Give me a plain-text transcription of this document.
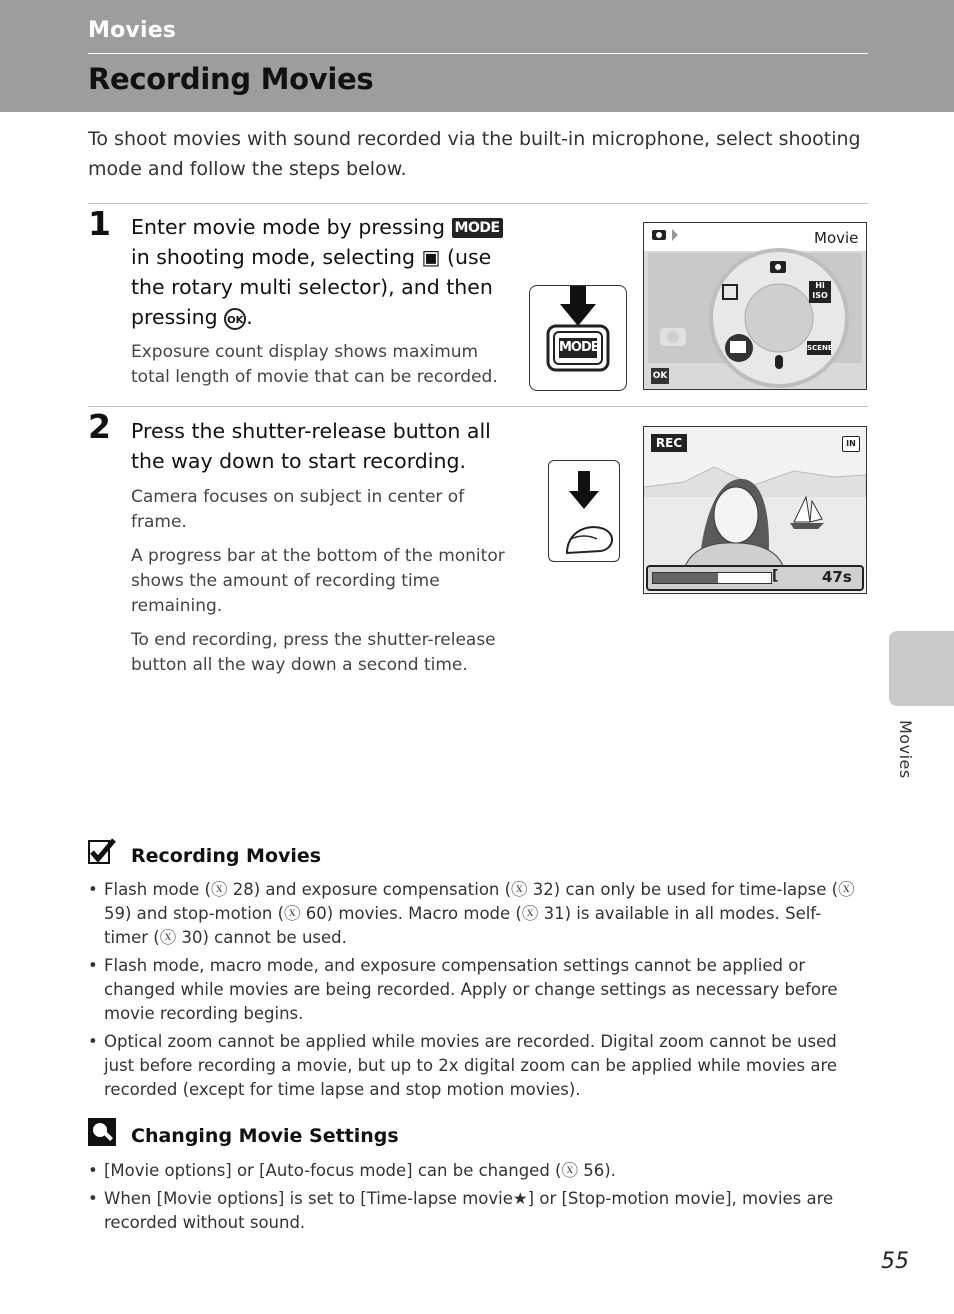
Movies
Recording Movies
To shoot movies with sound recorded via the built-in microphone, select shooting mode and follow the steps below.
1 Enter movie mode by pressing MODE in shooting mode, selecting ▣ (use the rotary multi selector), and then pressing OK .
Exposure count display shows maximum total length of movie that can be recorded.
MODE
Movie
Hi
ISO
SCENE
OK
2 Press the shutter-release button all the way down to start recording.
Camera focuses on subject in center of frame.
A progress bar at the bottom of the monitor shows the amount of recording time remaining.
To end recording, press the shutter-release button all the way down a second time.
REC	IN
[	47s
Movies
Recording Movies
• Flash mode (ⓧ 28) and exposure compensation (ⓧ 32) can only be used for time-lapse (ⓧ 59) and stop-motion (ⓧ 60) movies. Macro mode (ⓧ 31) is available in all modes. Self-timer (ⓧ 30) cannot be used.
• Flash mode, macro mode, and exposure compensation settings cannot be applied or changed while movies are being recorded. Apply or change settings as necessary before movie recording begins.
• Optical zoom cannot be applied while movies are recorded. Digital zoom cannot be used just before recording a movie, but up to 2x digital zoom can be applied while movies are recorded (except for time lapse and stop motion movies).
Changing Movie Settings
• [Movie options] or [Auto-focus mode] can be changed (ⓧ 56).
• When [Movie options] is set to [Time-lapse movie★] or [Stop-motion movie], movies are recorded without sound.
55
